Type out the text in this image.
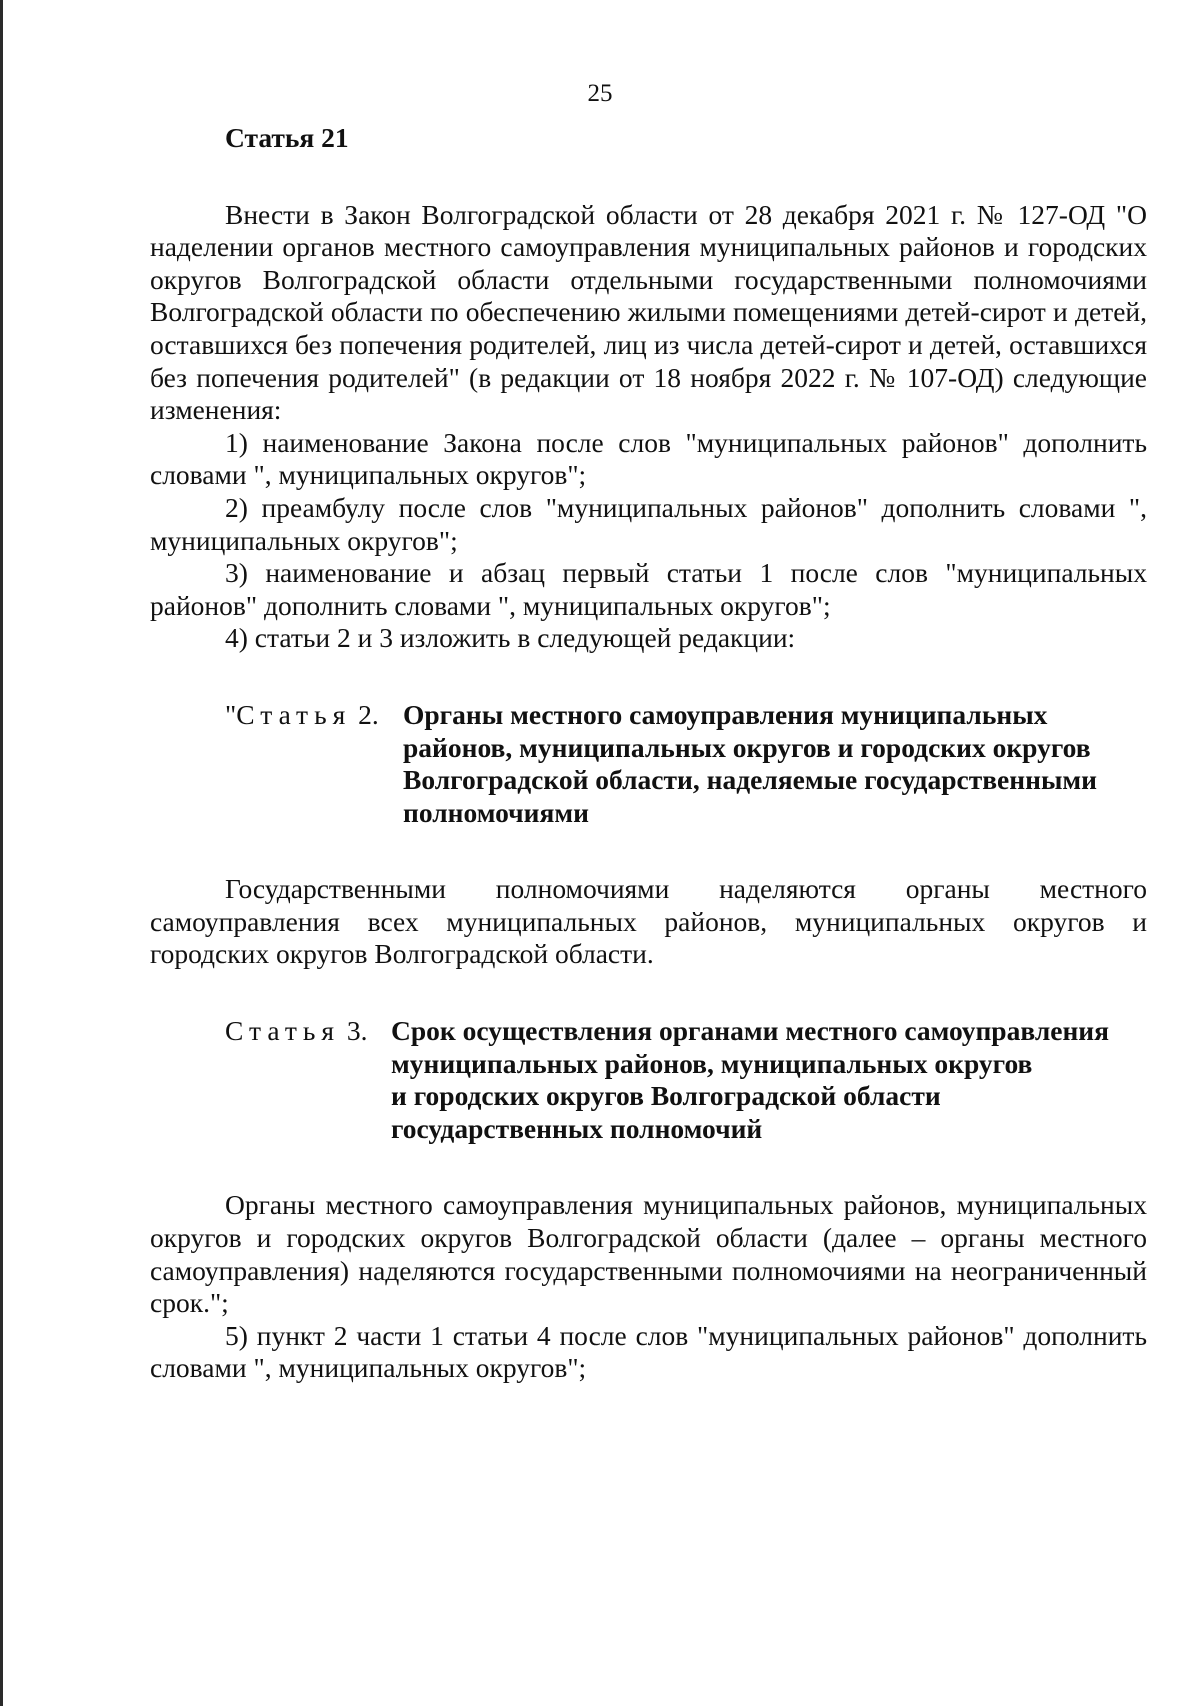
25
Статья 21

Внести в Закон Волгоградской области от 28 декабря 2021 г. № 127-ОД "О наделении органов местного самоуправления муниципальных районов и городских округов Волгоградской области отдельными государственными полномочиями Волгоградской области по обеспечению жилыми помещениями детей-сирот и детей, оставшихся без попечения родителей, лиц из числа детей-сирот и детей, оставшихся без попечения родителей" (в редакции от 18 ноября 2022 г. № 107-ОД) следующие изменения:

1) наименование Закона после слов "муниципальных районов" дополнить словами ", муниципальных округов";

2) преамбулу после слов "муниципальных районов" дополнить словами ", муниципальных округов";

3) наименование и абзац первый статьи 1 после слов "муниципальных районов" дополнить словами ", муниципальных округов";

4) статьи 2 и 3 изложить в следующей редакции:

"Статья 2. Органы местного самоуправления муниципальных
районов, муниципальных округов и городских округов
Волгоградской области, наделяемые государственными
полномочиями

Государственными полномочиями наделяются органы местного самоуправления всех муниципальных районов, муниципальных округов и городских округов Волгоградской области.

Статья 3. Срок осуществления органами местного самоуправления
муниципальных районов, муниципальных округов
и городских округов Волгоградской области
государственных полномочий

Органы местного самоуправления муниципальных районов, муниципальных округов и городских округов Волгоградской области (далее – органы местного самоуправления) наделяются государственными полномочиями на неограниченный срок.";

5) пункт 2 части 1 статьи 4 после слов "муниципальных районов" дополнить словами ", муниципальных округов";
